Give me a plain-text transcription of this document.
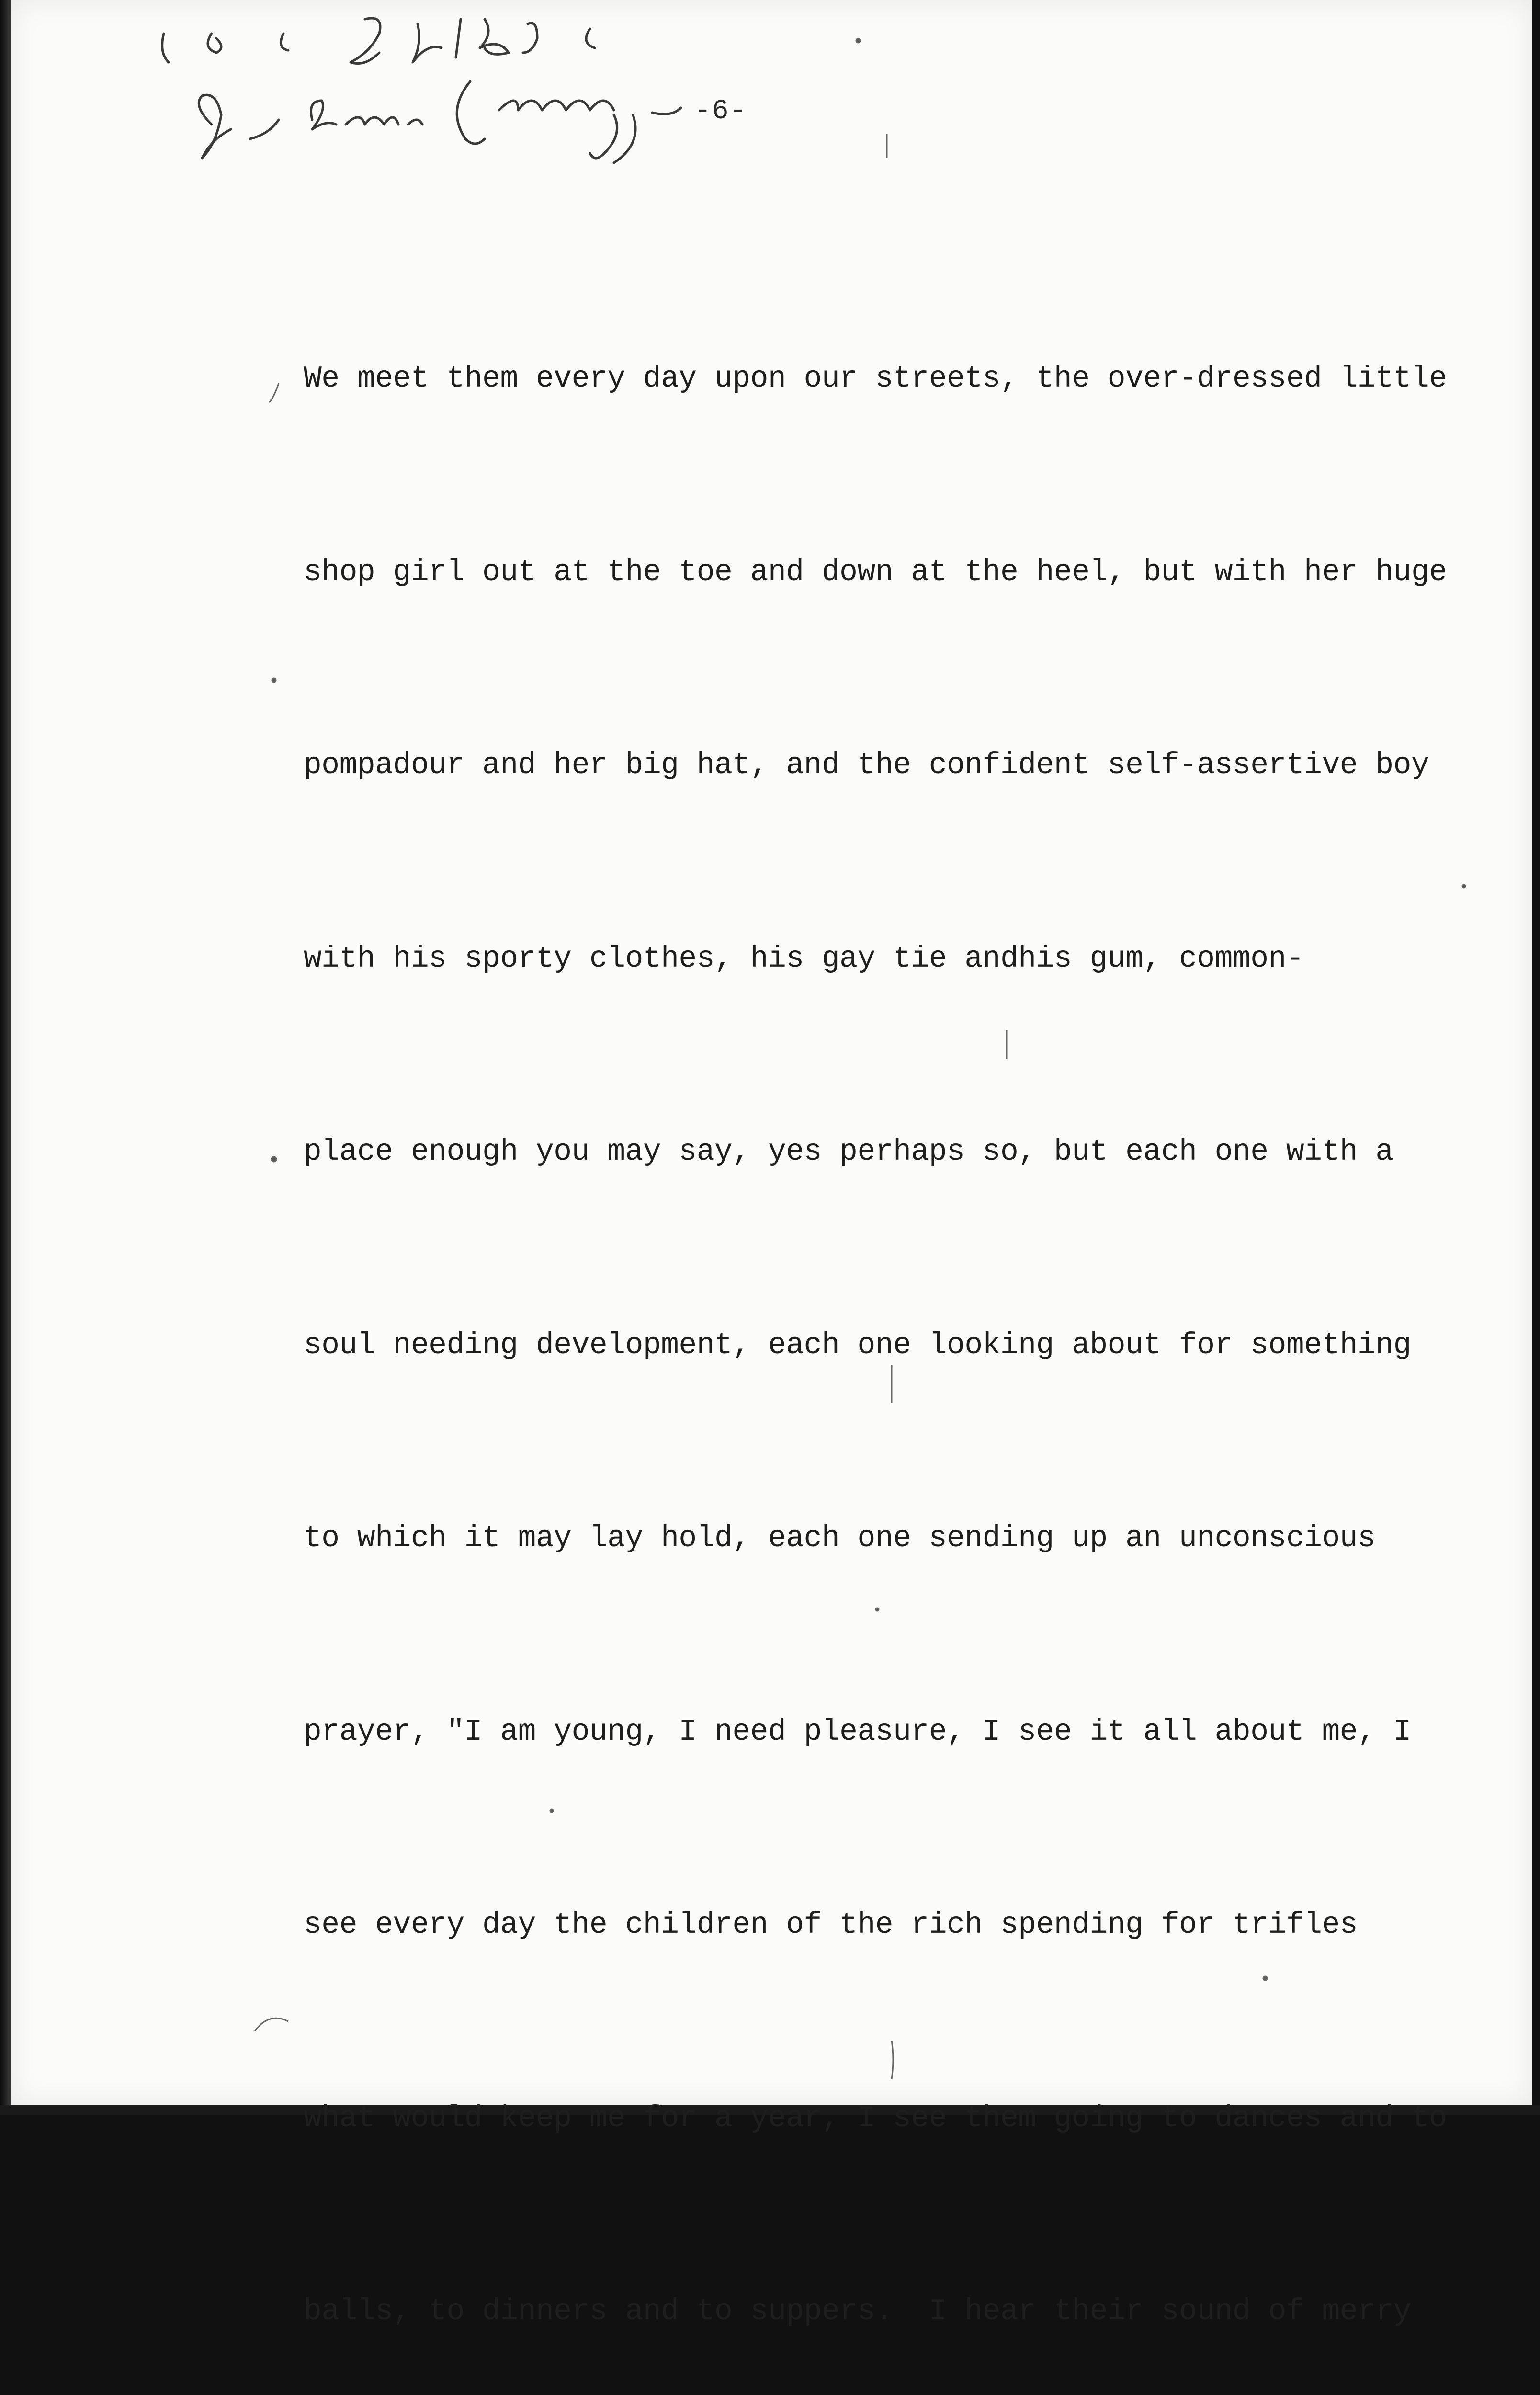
-6-

We meet them every day upon our streets, the over-dressed little

shop girl out at the toe and down at the heel, but with her huge

pompadour and her big hat, and the confident self-assertive boy

with his sporty clothes, his gay tie andhis gum, common-

place enough you may say, yes perhaps so, but each one with a

soul needing development, each one looking about for something

to which it may lay hold, each one sending up an unconscious

prayer, "I am young, I need pleasure, I see it all about me, I

see every day the children of the rich spending for trifles

what would keep me for a year, I see them going to dances and to

balls, to dinners and to suppers.  I hear their sound of merry
